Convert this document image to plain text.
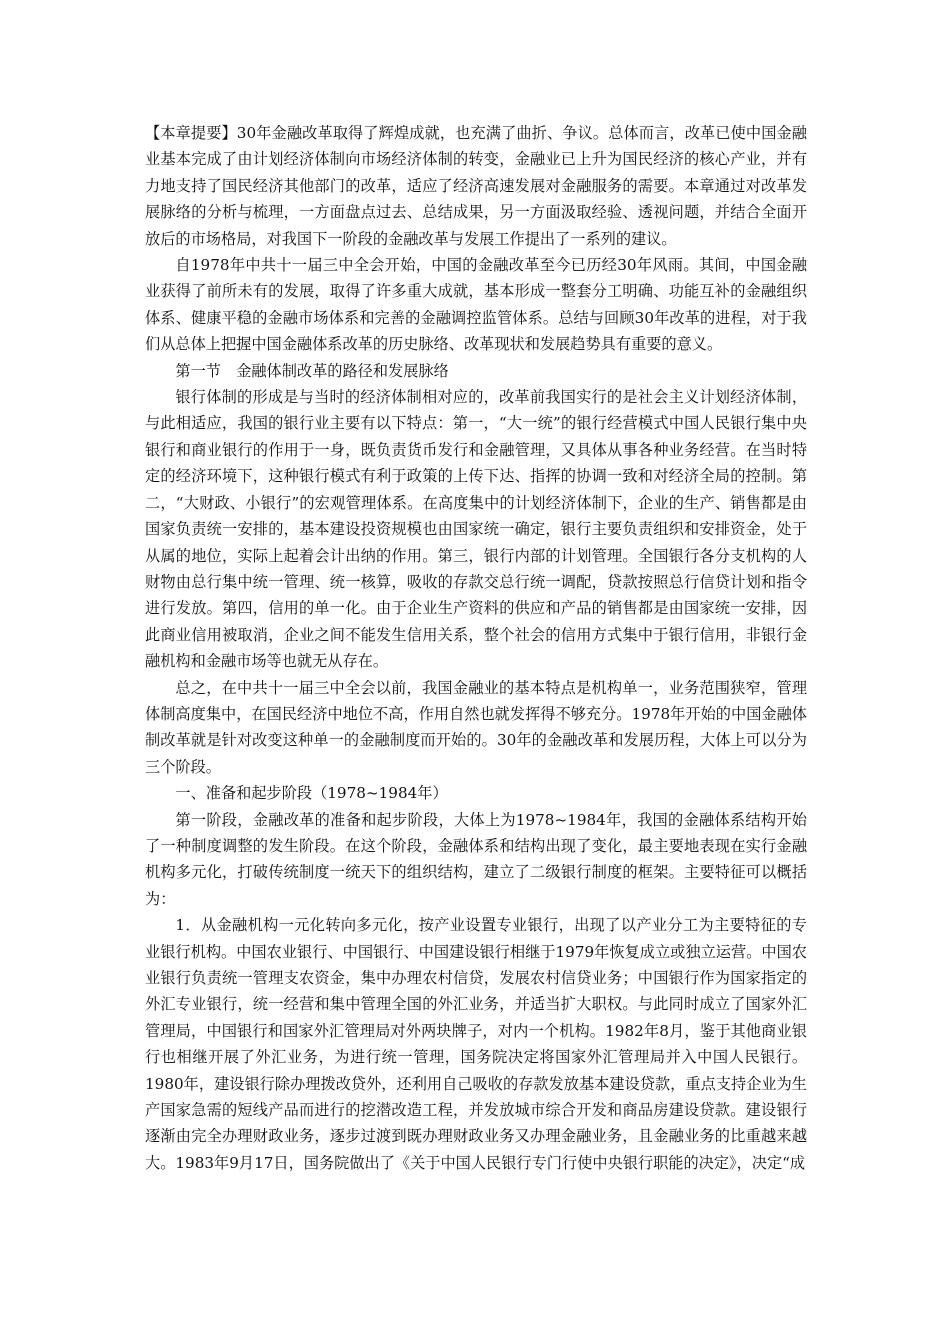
【本章提要】30年金融改革取得了辉煌成就，也充满了曲折、争议。总体而言，改革已使中国金融业基本完成了由计划经济体制向市场经济体制的转变，金融业已上升为国民经济的核心产业，并有力地支持了国民经济其他部门的改革，适应了经济高速发展对金融服务的需要。本章通过对改革发展脉络的分析与梳理，一方面盘点过去、总结成果，另一方面汲取经验、透视问题，并结合全面开放后的市场格局，对我国下一阶段的金融改革与发展工作提出了一系列的建议。

自1978年中共十一届三中全会开始，中国的金融改革至今已历经30年风雨。其间，中国金融业获得了前所未有的发展，取得了许多重大成就，基本形成一整套分工明确、功能互补的金融组织体系、健康平稳的金融市场体系和完善的金融调控监管体系。总结与回顾30年改革的进程，对于我们从总体上把握中国金融体系改革的历史脉络、改革现状和发展趋势具有重要的意义。

第一节　金融体制改革的路径和发展脉络

银行体制的形成是与当时的经济体制相对应的，改革前我国实行的是社会主义计划经济体制，与此相适应，我国的银行业主要有以下特点：第一，“大一统”的银行经营模式中国人民银行集中央银行和商业银行的作用于一身，既负责货币发行和金融管理，又具体从事各种业务经营。在当时特定的经济环境下，这种银行模式有利于政策的上传下达、指挥的协调一致和对经济全局的控制。第二，“大财政、小银行”的宏观管理体系。在高度集中的计划经济体制下，企业的生产、销售都是由国家负责统一安排的，基本建设投资规模也由国家统一确定，银行主要负责组织和安排资金，处于从属的地位，实际上起着会计出纳的作用。第三，银行内部的计划管理。全国银行各分支机构的人财物由总行集中统一管理、统一核算，吸收的存款交总行统一调配，贷款按照总行信贷计划和指令进行发放。第四，信用的单一化。由于企业生产资料的供应和产品的销售都是由国家统一安排，因此商业信用被取消，企业之间不能发生信用关系，整个社会的信用方式集中于银行信用，非银行金融机构和金融市场等也就无从存在。

总之，在中共十一届三中全会以前，我国金融业的基本特点是机构单一，业务范围狭窄，管理体制高度集中，在国民经济中地位不高，作用自然也就发挥得不够充分。1978年开始的中国金融体制改革就是针对改变这种单一的金融制度而开始的。30年的金融改革和发展历程，大体上可以分为三个阶段。

一、准备和起步阶段（1978~1984年）

第一阶段，金融改革的准备和起步阶段，大体上为1978~1984年，我国的金融体系结构开始了一种制度调整的发生阶段。在这个阶段，金融体系和结构出现了变化，最主要地表现在实行金融机构多元化，打破传统制度一统天下的组织结构，建立了二级银行制度的框架。主要特征可以概括为：

1．从金融机构一元化转向多元化，按产业设置专业银行，出现了以产业分工为主要特征的专业银行机构。中国农业银行、中国银行、中国建设银行相继于1979年恢复成立或独立运营。中国农业银行负责统一管理支农资金，集中办理农村信贷，发展农村信贷业务；中国银行作为国家指定的外汇专业银行，统一经营和集中管理全国的外汇业务，并适当扩大职权。与此同时成立了国家外汇管理局，中国银行和国家外汇管理局对外两块牌子，对内一个机构。1982年8月，鉴于其他商业银行也相继开展了外汇业务，为进行统一管理，国务院决定将国家外汇管理局并入中国人民银行。1980年，建设银行除办理拨改贷外，还利用自己吸收的存款发放基本建设贷款，重点支持企业为生产国家急需的短线产品而进行的挖潜改造工程，并发放城市综合开发和商品房建设贷款。建设银行逐渐由完全办理财政业务，逐步过渡到既办理财政业务又办理金融业务，且金融业务的比重越来越大。1983年9月17日，国务院做出了《关于中国人民银行专门行使中央银行职能的决定》，决定“成
